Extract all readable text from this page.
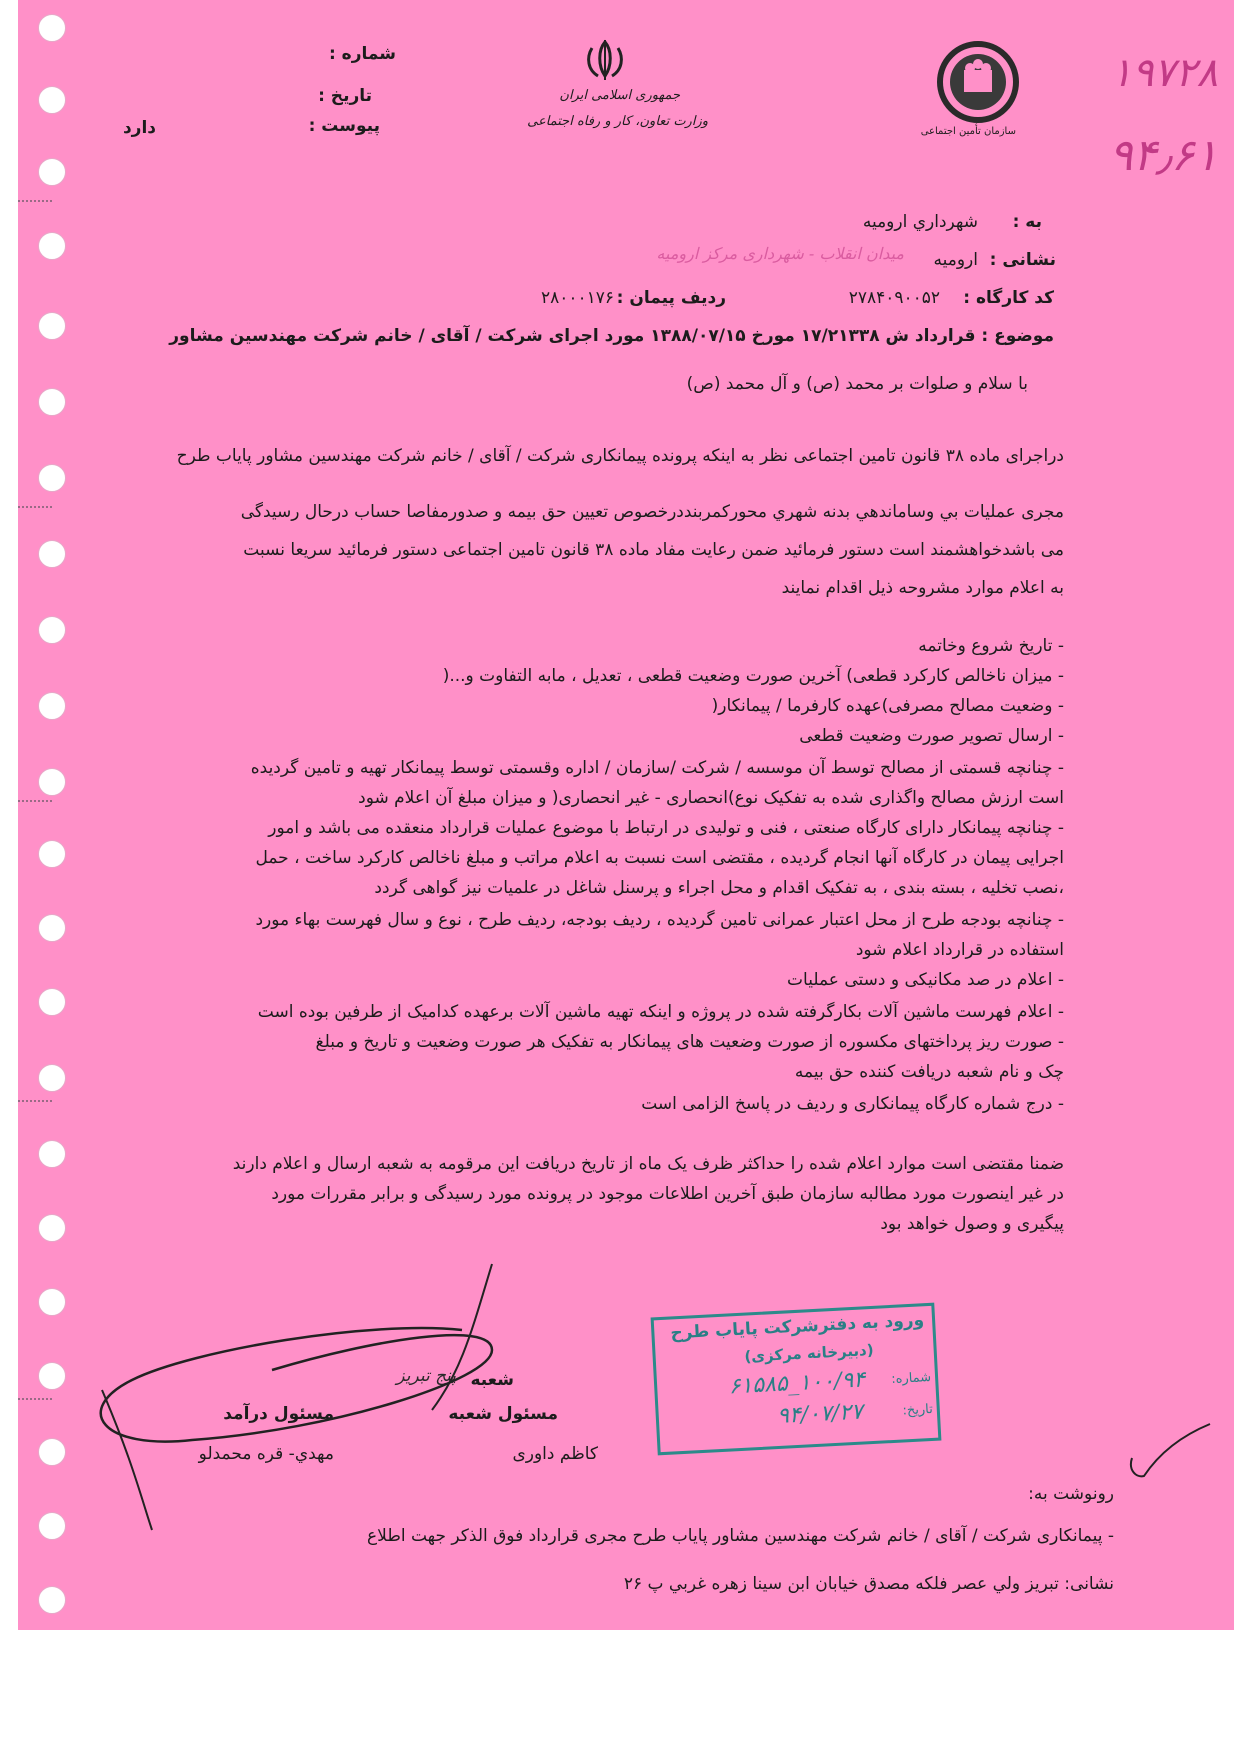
سازمان تأمین اجتماعی
جمهوری اسلامی ایران
وزارت تعاون، کار و رفاه اجتماعی
شماره :
تاریخ :
پیوست :
دارد
۱۹۷۲۸
۹۴٫۶۱
به :
شهرداري اروميه
نشانی :
اروميه
میدان انقلاب - شهرداری مرکز ارومیه
کد کارگاه :
۲۷۸۴۰۹۰۰۵۲
ردیف پیمان :
۲۸۰۰۰۱۷۶
موضوع : قرارداد ش ۱۷/۲۱۳۳۸ مورخ ۱۳۸۸/۰۷/۱۵ مورد اجرای شرکت / آقای / خانم شرکت مهندسین مشاور
با سلام و صلوات بر محمد (ص) و آل محمد (ص)
دراجرای ماده ۳۸ قانون تامین اجتماعی نظر به اینکه پرونده پیمانکاری شرکت / آقای / خانم شرکت مهندسین مشاور پایاب طرح
مجری عملیات بي وساماندهي بدنه شهري محورکمربنددرخصوص تعیین حق بیمه و صدورمفاصا حساب درحال رسیدگی
می باشدخواهشمند است دستور فرمائید ضمن رعایت مفاد ماده ۳۸ قانون تامین اجتماعی دستور فرمائید سریعا نسبت
به اعلام موارد مشروحه ذیل اقدام نمایند
- تاریخ شروع وخاتمه
- میزان ناخالص کارکرد قطعی) آخرین صورت وضعیت قطعی ، تعدیل ، مابه التفاوت و...(
- وضعیت مصالح مصرفی)عهده کارفرما / پیمانکار(
- ارسال تصویر صورت وضعیت قطعی
- چنانچه قسمتی از مصالح توسط آن موسسه / شرکت /سازمان / اداره وقسمتی توسط پیمانکار تهیه و تامین گردیده
است ارزش مصالح واگذاری شده به تفکیک نوع)انحصاری - غیر انحصاری( و میزان مبلغ آن اعلام شود
- چنانچه پیمانکار دارای کارگاه صنعتی ، فنی و تولیدی در ارتباط با موضوع عملیات قرارداد منعقده می باشد و امور
اجرایی پیمان در کارگاه آنها انجام گردیده ، مقتضی است نسبت به اعلام مراتب و مبلغ ناخالص کارکرد ساخت ، حمل
،نصب تخلیه ، بسته بندی ، به تفکیک اقدام و محل اجراء و پرسنل شاغل در علمیات نیز گواهی گردد
- چنانچه بودجه طرح از محل اعتبار عمرانی تامین گردیده ، ردیف بودجه، ردیف طرح ، نوع و سال فهرست بهاء مورد
استفاده در قرارداد اعلام شود
- اعلام در صد مکانیکی و دستی عملیات
- اعلام فهرست ماشین آلات بکارگرفته شده در پروژه و اینکه تهیه ماشین آلات برعهده کدامیک از طرفین بوده است
- صورت ریز پرداختهای مکسوره از صورت وضعیت های پیمانکار به تفکیک هر صورت وضعیت و تاریخ و مبلغ
چک و نام شعبه دریافت کننده حق بیمه
- درج شماره کارگاه پیمانکاری و ردیف در پاسخ الزامی است
ضمنا مقتضی است موارد اعلام شده را حداکثر ظرف یک ماه از تاریخ دریافت این مرقومه به شعبه ارسال و اعلام دارند
در غیر اینصورت مورد مطالبه سازمان طبق آخرین اطلاعات موجود در پرونده مورد رسیدگی و برابر مقررات مورد
پیگیری و وصول خواهد بود
شعبه
پنج تبریز
مسئول شعبه
کاظم داوری
مسئول درآمد
مهدي- قره محمدلو
ورود به دفترشرکت پایاب طرح
(دبیرخانه مرکزی)
شماره:
۱۰۰/۹۴_۶۱۵۸۵
تاریخ:
۹۴/۰۷/۲۷
رونوشت به:
- پیمانکاری شرکت / آقای / خانم شرکت مهندسین مشاور پایاب طرح مجری قرارداد فوق الذکر جهت اطلاع
نشانی: تبریز ولي عصر فلکه مصدق خیابان ابن سینا زهره غربي پ ۲۶
